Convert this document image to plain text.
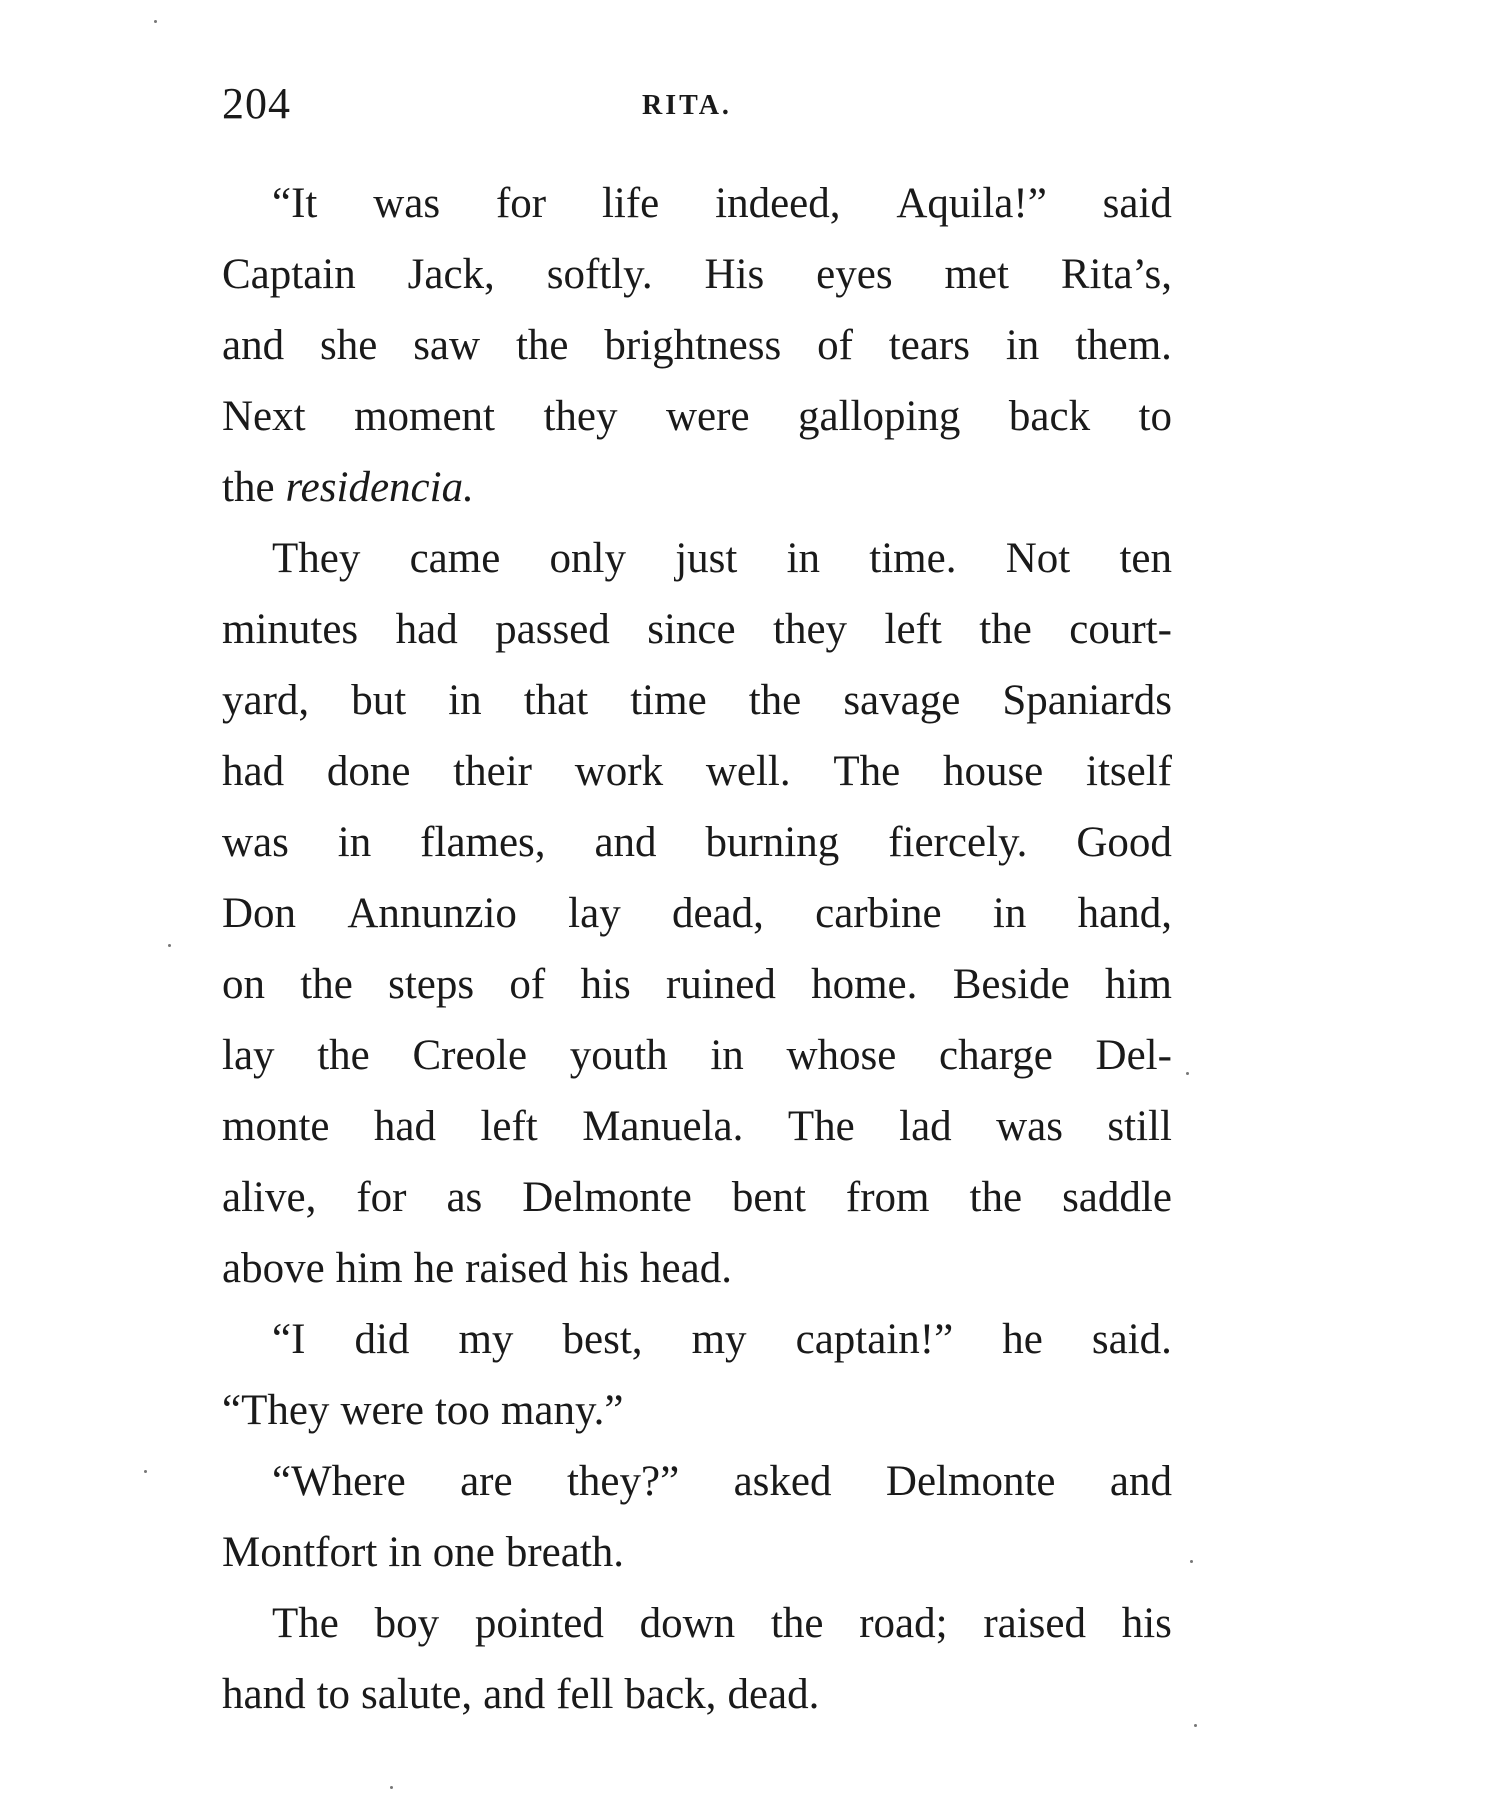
204	RITA.
“It was for life indeed, Aquila!” said
Captain Jack, softly. His eyes met Rita’s,
and she saw the brightness of tears in them.
Next moment they were galloping back to
the residencia.
They came only just in time. Not ten
minutes had passed since they left the court-
yard, but in that time the savage Spaniards
had done their work well. The house itself
was in flames, and burning fiercely. Good
Don Annunzio lay dead, carbine in hand,
on the steps of his ruined home. Beside him
lay the Creole youth in whose charge Del-
monte had left Manuela. The lad was still
alive, for as Delmonte bent from the saddle
above him he raised his head.
“I did my best, my captain!” he said.
“They were too many.”
“Where are they?” asked Delmonte and
Montfort in one breath.
The boy pointed down the road; raised his
hand to salute, and fell back, dead.
